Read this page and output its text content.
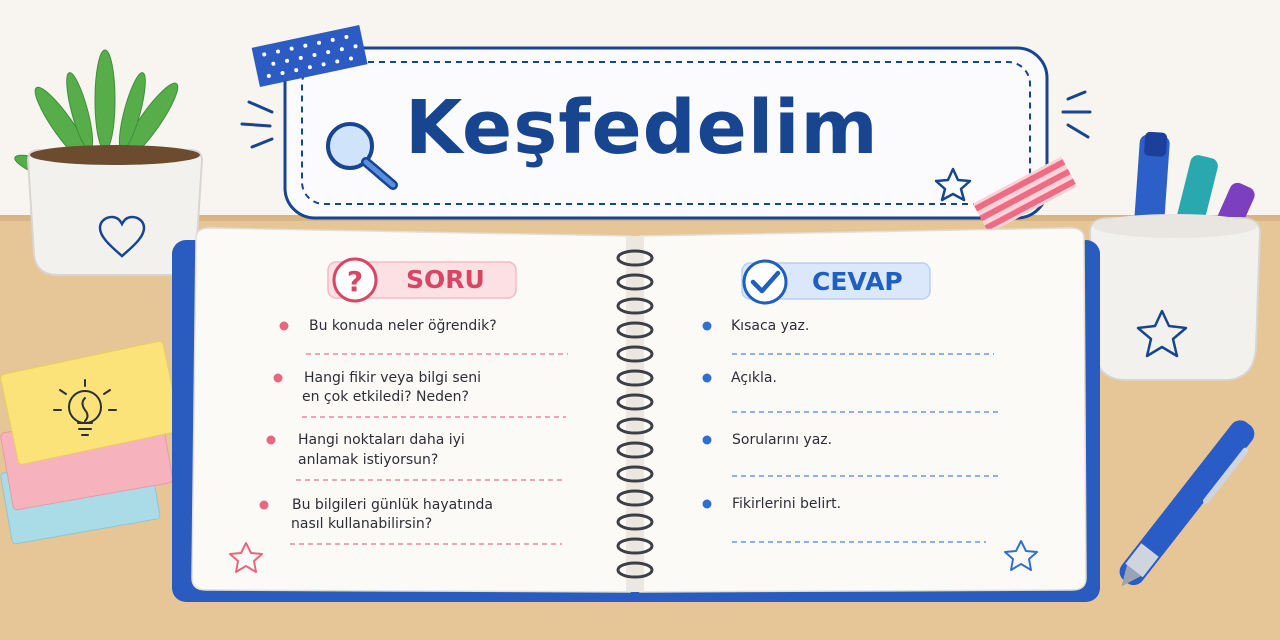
?
Keşfedelim
SORU	CEVAP
Bu konuda neler öğrendik?
Hangi fikir veya bilgi seni
en çok etkiledi? Neden?
Hangi noktaları daha iyi
anlamak istiyorsun?
Bu bilgileri günlük hayatında
nasıl kullanabilirsin?
Kısaca yaz.
Açıkla.
Sorularını yaz.
Fikirlerini belirt.
